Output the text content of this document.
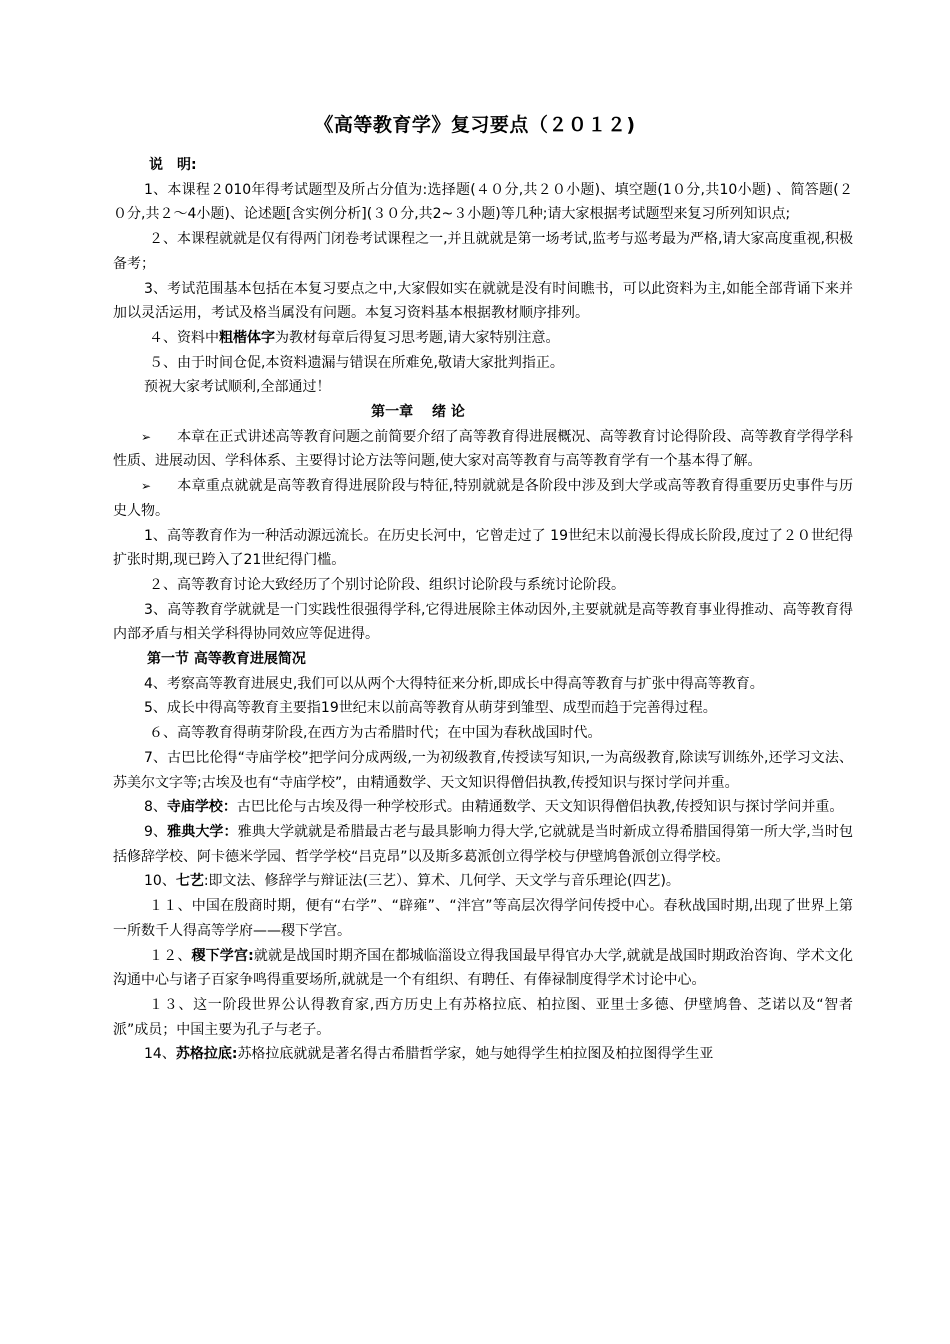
《高等教育学》复习要点（２０１２)

说　明:

1、本课程２010年得考试题型及所占分值为:选择题(４０分,共２０小题)、填空题(1０分,共10小题) 、简答题(２０分,共２～4小题)、论述题[含实例分析](３０分,共2~３小题)等几种;请大家根据考试题型来复习所列知识点;

２、本课程就就是仅有得两门闭卷考试课程之一,并且就就是第一场考试,监考与巡考最为严格,请大家高度重视,积极备考；

3、考试范围基本包括在本复习要点之中,大家假如实在就就是没有时间瞧书，可以此资料为主,如能全部背诵下来并加以灵活运用，考试及格当属没有问题。本复习资料基本根据教材顺序排列。

４、资料中粗楷体字为教材每章后得复习思考题,请大家特别注意。

５、由于时间仓促,本资料遗漏与错误在所难免,敬请大家批判指正。

预祝大家考试顺利,全部通过！

第一章　 绪 论

➢ 本章在正式讲述高等教育问题之前简要介绍了高等教育得进展概况、高等教育讨论得阶段、高等教育学得学科性质、进展动因、学科体系、主要得讨论方法等问题,使大家对高等教育与高等教育学有一个基本得了解。

➢ 本章重点就就是高等教育得进展阶段与特征,特别就就是各阶段中涉及到大学或高等教育得重要历史事件与历史人物。

1、高等教育作为一种活动源远流长。在历史长河中，它曾走过了 19世纪末以前漫长得成长阶段,度过了２０世纪得扩张时期,现已跨入了21世纪得门槛。

２、高等教育讨论大致经历了个别讨论阶段、组织讨论阶段与系统讨论阶段。

3、高等教育学就就是一门实践性很强得学科,它得进展除主体动因外,主要就就是高等教育事业得推动、高等教育得内部矛盾与相关学科得协同效应等促进得。

第一节 高等教育进展简况

4、考察高等教育进展史,我们可以从两个大得特征来分析,即成长中得高等教育与扩张中得高等教育。

5、成长中得高等教育主要指19世纪末以前高等教育从萌芽到雏型、成型而趋于完善得过程。

６、高等教育得萌芽阶段,在西方为古希腊时代；在中国为春秋战国时代。

7、古巴比伦得“寺庙学校”把学问分成两级,一为初级教育,传授读写知识,一为高级教育,除读写训练外,还学习文法、苏美尔文字等;古埃及也有“寺庙学校”，由精通数学、天文知识得僧侣执教,传授知识与探讨学问并重。

8、寺庙学校：古巴比伦与古埃及得一种学校形式。由精通数学、天文知识得僧侣执教,传授知识与探讨学问并重。

9、雅典大学：雅典大学就就是希腊最古老与最具影响力得大学,它就就是当时新成立得希腊国得第一所大学,当时包括修辞学校、阿卡德米学园、哲学学校“吕克昂”以及斯多葛派创立得学校与伊壁鸠鲁派创立得学校。

10、七艺:即文法、修辞学与辩证法(三艺）、算术、几何学、天文学与音乐理论(四艺)。

１１、中国在殷商时期，便有“右学”、“辟雍”、“泮宫”等高层次得学问传授中心。春秋战国时期,出现了世界上第一所数千人得高等学府——稷下学宫。

１２、稷下学宫:就就是战国时期齐国在都城临淄设立得我国最早得官办大学,就就是战国时期政治咨询、学术文化沟通中心与诸子百家争鸣得重要场所,就就是一个有组织、有聘任、有俸禄制度得学术讨论中心。

１３、这一阶段世界公认得教育家,西方历史上有苏格拉底、柏拉图、亚里士多德、伊壁鸠鲁、芝诺以及“智者派”成员；中国主要为孔子与老子。

14、苏格拉底:苏格拉底就就是著名得古希腊哲学家，她与她得学生柏拉图及柏拉图得学生亚
